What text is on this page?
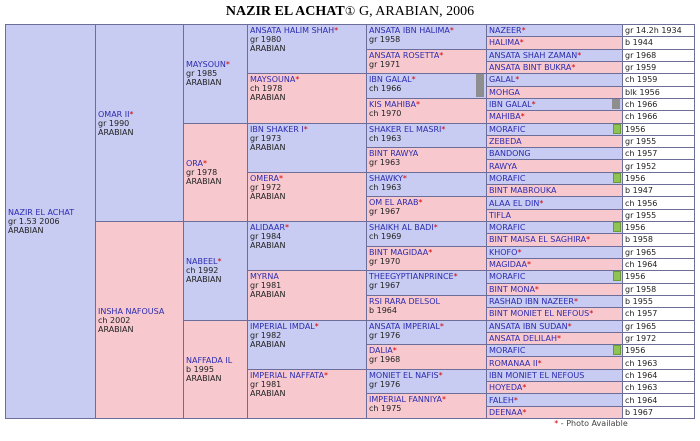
NAZIR EL ACHAT① G, ARABIAN, 2006
NAZIR EL ACHAT
gr 1.53 2006
ARABIAN
OMAR II*
gr 1990
ARABIAN
INSHA NAFOUSA
ch 2002
ARABIAN
MAYSOUN*
gr 1985
ARABIAN
ORA*
gr 1978
ARABIAN
NABEEL*
ch 1992
ARABIAN
NAFFADA IL
b 1995
ARABIAN
ANSATA HALIM SHAH*
gr 1980
ARABIAN
MAYSOUNA*
ch 1978
ARABIAN
IBN SHAKER I*
gr 1973
ARABIAN
OMERA*
gr 1972
ARABIAN
ALIDAAR*
gr 1984
ARABIAN
MYRNA
gr 1981
ARABIAN
IMPERIAL IMDAL*
gr 1982
ARABIAN
IMPERIAL NAFFATA*
gr 1981
ARABIAN
ANSATA IBN HALIMA*
gr 1958
ANSATA ROSETTA*
gr 1971
IBN GALAL*
ch 1966
KIS MAHIBA*
ch 1970
SHAKER EL MASRI*
ch 1963
BINT RAWYA
gr 1963
SHAWKY*
ch 1963
OM EL ARAB*
gr 1967
SHAIKH AL BADI*
ch 1969
BINT MAGIDAA*
gr 1970
THEEGYPTIANPRINCE*
gr 1967
RSI RARA DELSOL
b 1964
ANSATA IMPERIAL*
gr 1976
DALIA*
gr 1968
MONIET EL NAFIS*
gr 1976
IMPERIAL FANNIYA*
ch 1975
NAZEER*	gr 14.2h 1934
HALIMA*	b 1944
ANSATA SHAH ZAMAN*	gr 1968
ANSATA BINT BUKRA*	gr 1959
GALAL*	ch 1959
MOHGA	blk 1956
IBN GALAL*	ch 1966
MAHIBA*	ch 1966
MORAFIC	1956
ZEBEDA	gr 1955
BANDONG	ch 1957
RAWYA	gr 1952
MORAFIC	1956
BINT MABROUKA	b 1947
ALAA EL DIN*	ch 1956
TIFLA	gr 1955
MORAFIC	1956
BINT MAISA EL SAGHIRA*	b 1958
KHOFO*	gr 1965
MAGIDAA*	ch 1964
MORAFIC	1956
BINT MONA*	gr 1958
RASHAD IBN NAZEER*	b 1955
BINT MONIET EL NEFOUS*	ch 1957
ANSATA IBN SUDAN*	gr 1965
ANSATA DELILAH*	gr 1972
MORAFIC	1956
ROMANAA II*	ch 1963
IBN MONIET EL NEFOUS	ch 1964
HOYEDA*	ch 1963
FALEH*	ch 1964
DEENAA*	b 1967
* - Photo Available
